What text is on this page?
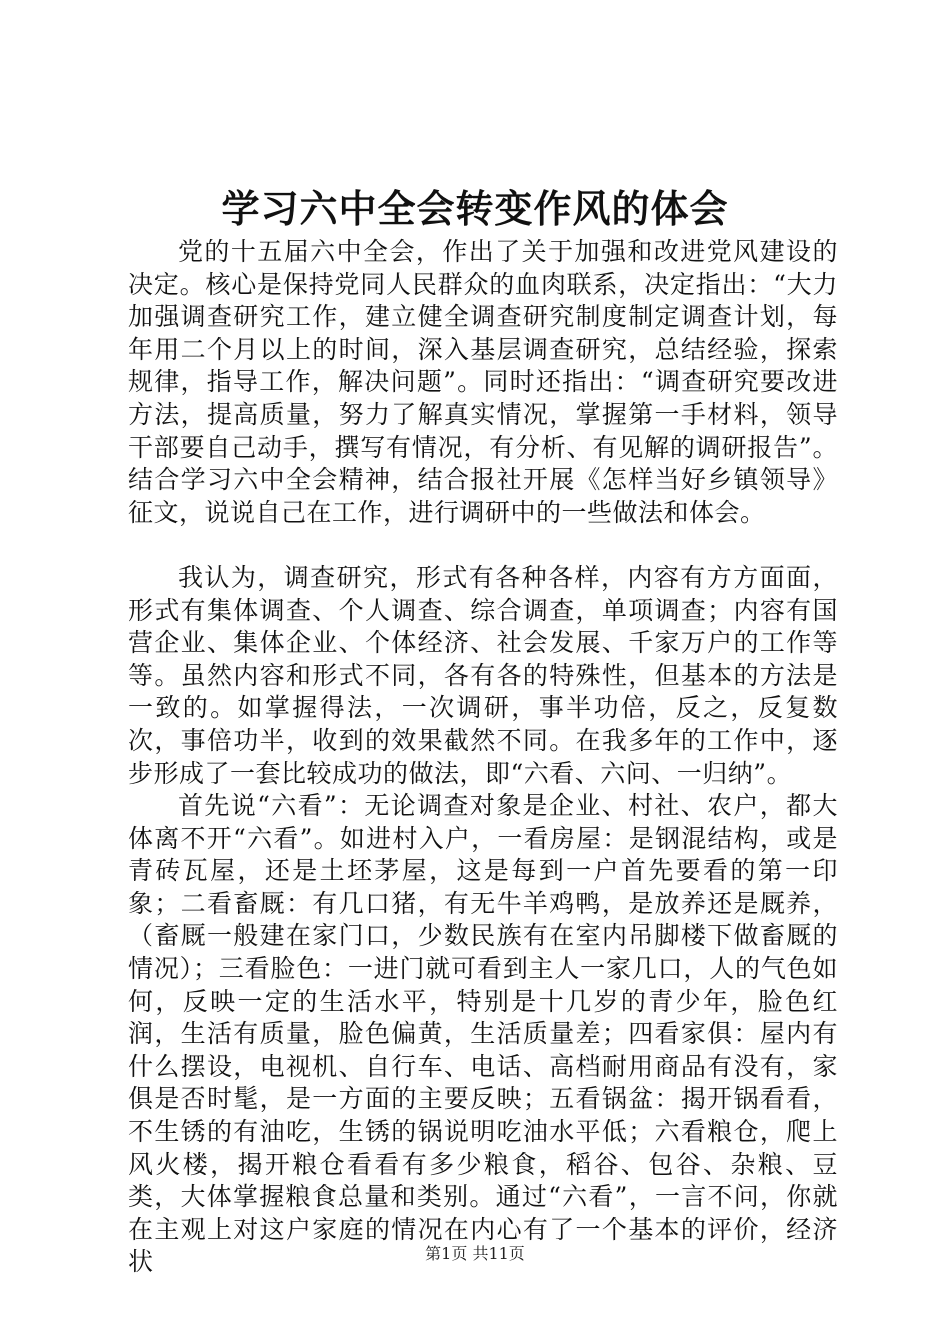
学习六中全会转变作风的体会

党的十五届六中全会，作出了关于加强和改进党风建设的决定。核心是保持党同人民群众的血肉联系，决定指出：“大力加强调查研究工作，建立健全调查研究制度制定调查计划，每年用二个月以上的时间，深入基层调查研究，总结经验，探索规律，指导工作，解决问题”。同时还指出：“调查研究要改进方法，提高质量，努力了解真实情况，掌握第一手材料，领导干部要自己动手，撰写有情况，有分析、有见解的调研报告”。结合学习六中全会精神，结合报社开展《怎样当好乡镇领导》征文，说说自己在工作，进行调研中的一些做法和体会。

我认为，调查研究，形式有各种各样，内容有方方面面，形式有集体调查、个人调查、综合调查，单项调查；内容有国营企业、集体企业、个体经济、社会发展、千家万户的工作等等。虽然内容和形式不同，各有各的特殊性，但基本的方法是一致的。如掌握得法，一次调研，事半功倍，反之，反复数次，事倍功半，收到的效果截然不同。在我多年的工作中，逐步形成了一套比较成功的做法，即“六看、六问、一归纳”。

首先说“六看”：无论调查对象是企业、村社、农户，都大体离不开“六看”。如进村入户，一看房屋：是钢混结构，或是青砖瓦屋，还是土坯茅屋，这是每到一户首先要看的第一印象；二看畜厩：有几口猪，有无牛羊鸡鸭，是放养还是厩养，（畜厩一般建在家门口，少数民族有在室内吊脚楼下做畜厩的情况）；三看脸色：一进门就可看到主人一家几口，人的气色如何，反映一定的生活水平，特别是十几岁的青少年，脸色红润，生活有质量，脸色偏黄，生活质量差；四看家俱：屋内有什么摆设，电视机、自行车、电话、高档耐用商品有没有，家俱是否时髦，是一方面的主要反映；五看锅盆：揭开锅看看，不生锈的有油吃，生锈的锅说明吃油水平低；六看粮仓，爬上风火楼，揭开粮仓看看有多少粮食，稻谷、包谷、杂粮、豆类，大体掌握粮食总量和类别。通过“六看”，一言不问，你就在主观上对这户家庭的情况在内心有了一个基本的评价，经济状	第1页 共11页
